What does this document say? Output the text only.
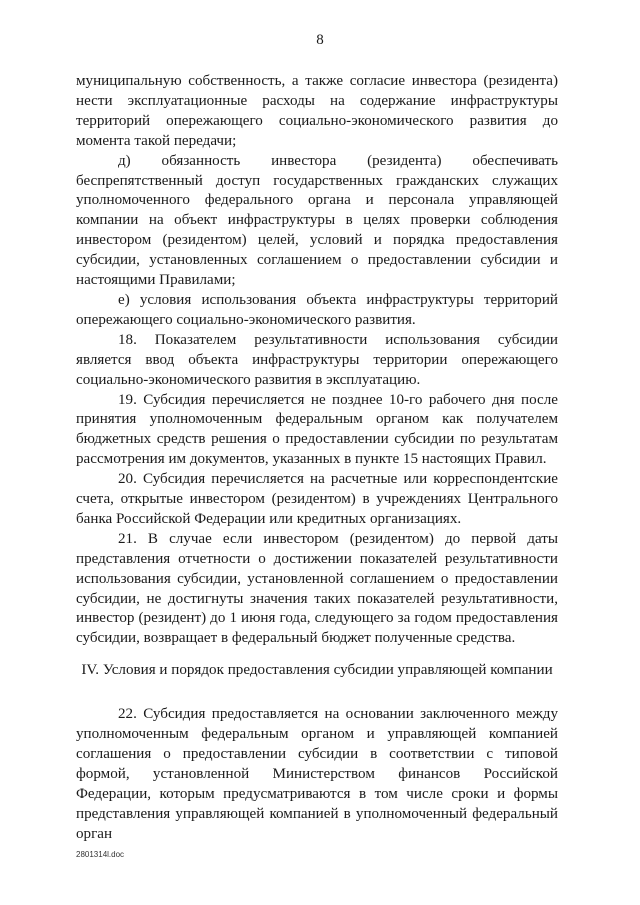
8

муниципальную собственность, а также согласие инвестора (резидента) нести эксплуатационные расходы на содержание инфраструктуры территорий опережающего социально-экономического развития до момента такой передачи;

д) обязанность инвестора (резидента) обеспечивать беспрепятственный доступ государственных гражданских служащих уполномоченного федерального органа и персонала управляющей компании на объект инфраструктуры в целях проверки соблюдения инвестором (резидентом) целей, условий и порядка предоставления субсидии, установленных соглашением о предоставлении субсидии и настоящими Правилами;

е) условия использования объекта инфраструктуры территорий опережающего социально-экономического развития.

18. Показателем результативности использования субсидии является ввод объекта инфраструктуры территории опережающего социально-экономического развития в эксплуатацию.

19. Субсидия перечисляется не позднее 10-го рабочего дня после принятия уполномоченным федеральным органом как получателем бюджетных средств решения о предоставлении субсидии по результатам рассмотрения им документов, указанных в пункте 15 настоящих Правил.

20. Субсидия перечисляется на расчетные или корреспондентские счета, открытые инвестором (резидентом) в учреждениях Центрального банка Российской Федерации или кредитных организациях.

21. В случае если инвестором (резидентом) до первой даты представления отчетности о достижении показателей результативности использования субсидии, установленной соглашением о предоставлении субсидии, не достигнуты значения таких показателей результативности, инвестор (резидент) до 1 июня года, следующего за годом предоставления субсидии, возвращает в федеральный бюджет полученные средства.

IV. Условия и порядок предоставления субсидии управляющей компании

22. Субсидия предоставляется на основании заключенного между уполномоченным федеральным органом и управляющей компанией соглашения о предоставлении субсидии в соответствии с типовой формой, установленной Министерством финансов Российской Федерации, которым предусматриваются в том числе сроки и формы представления управляющей компанией в уполномоченный федеральный орган

2801314l.doc
